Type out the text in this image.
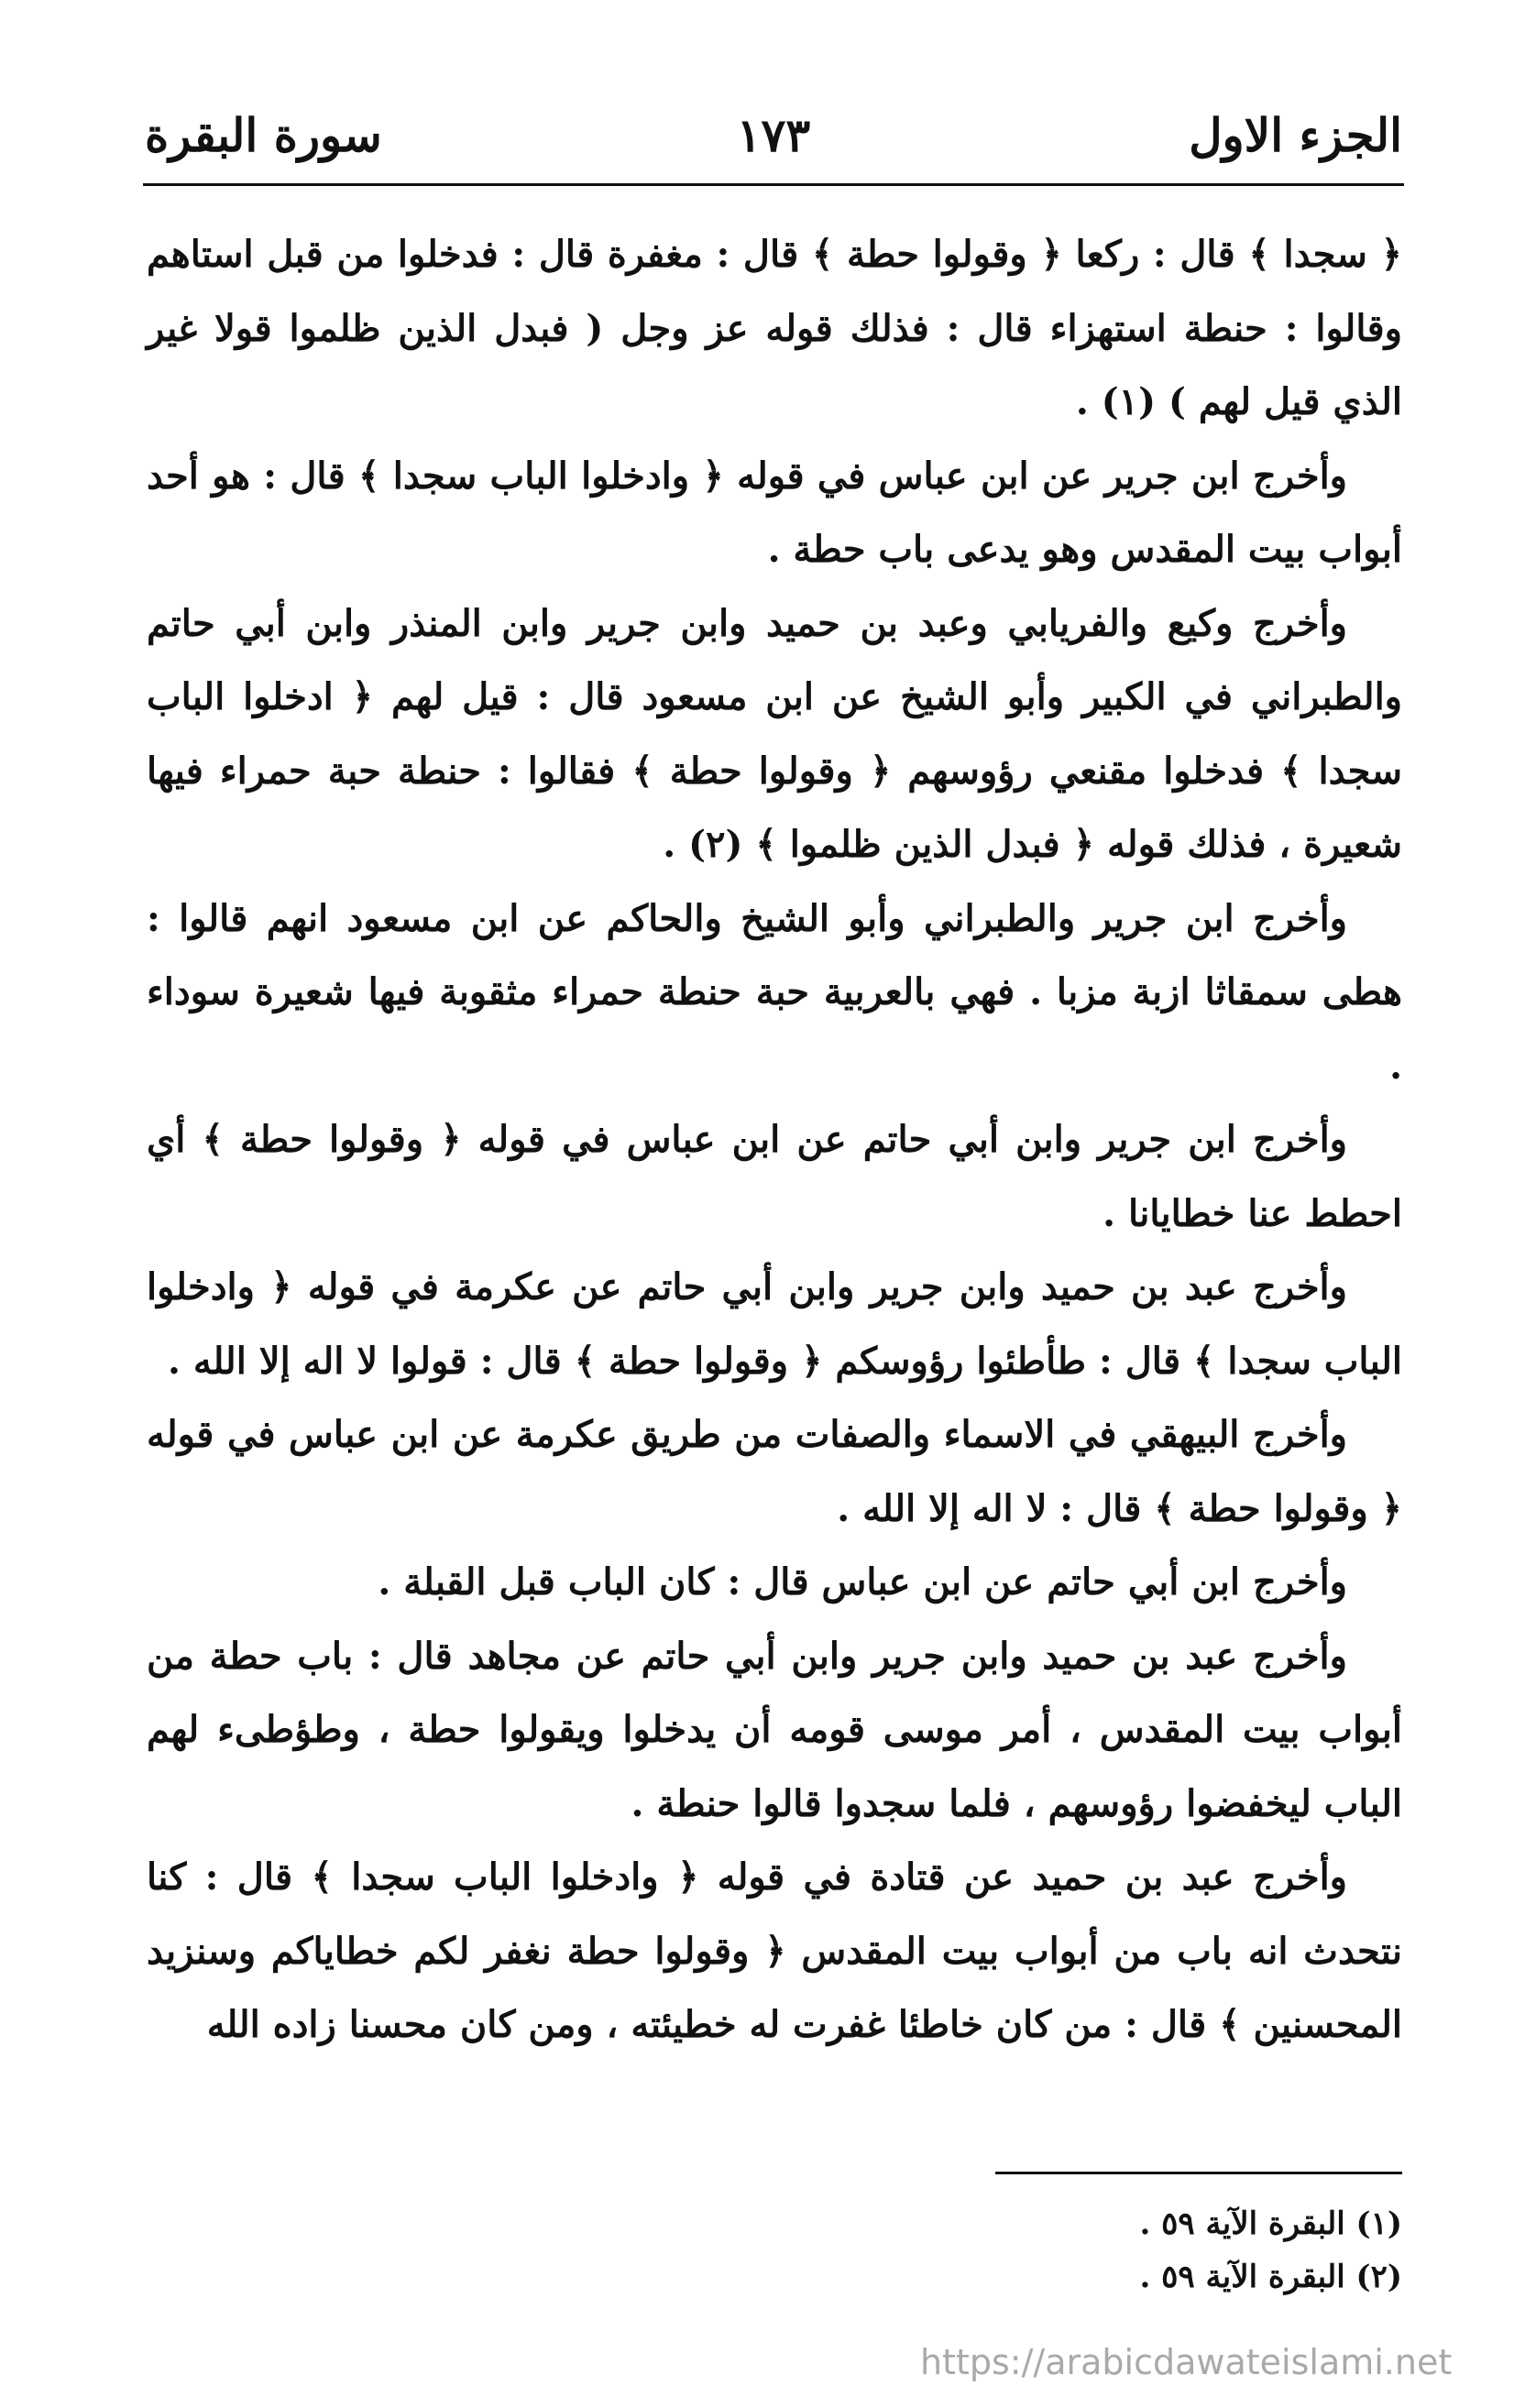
الجزء الاول
١٧٣
سورة البقرة

﴿ سجدا ﴾ قال : ركعا ﴿ وقولوا حطة ﴾ قال : مغفرة قال : فدخلوا من قبل استاهم وقالوا : حنطة استهزاء قال : فذلك قوله عز وجل ( فبدل الذين ظلموا قولا غير الذي قيل لهم ) (١) .

وأخرج ابن جرير عن ابن عباس في قوله ﴿ وادخلوا الباب سجدا ﴾ قال : هو أحد أبواب بيت المقدس وهو يدعى باب حطة .

وأخرج وكيع والفريابي وعبد بن حميد وابن جرير وابن المنذر وابن أبي حاتم والطبراني في الكبير وأبو الشيخ عن ابن مسعود قال : قيل لهم ﴿ ادخلوا الباب سجدا ﴾ فدخلوا مقنعي رؤوسهم ﴿ وقولوا حطة ﴾ فقالوا : حنطة حبة حمراء فيها شعيرة ، فذلك قوله ﴿ فبدل الذين ظلموا ﴾ (٢) .

وأخرج ابن جرير والطبراني وأبو الشيخ والحاكم عن ابن مسعود انهم قالوا : هطى سمقاثا ازبة مزبا . فهي بالعربية حبة حنطة حمراء مثقوبة فيها شعيرة سوداء .

وأخرج ابن جرير وابن أبي حاتم عن ابن عباس في قوله ﴿ وقولوا حطة ﴾ أي احطط عنا خطايانا .

وأخرج عبد بن حميد وابن جرير وابن أبي حاتم عن عكرمة في قوله ﴿ وادخلوا الباب سجدا ﴾ قال : طأطئوا رؤوسكم ﴿ وقولوا حطة ﴾ قال : قولوا لا اله إلا الله .

وأخرج البيهقي في الاسماء والصفات من طريق عكرمة عن ابن عباس في قوله ﴿ وقولوا حطة ﴾ قال : لا اله إلا الله .

وأخرج ابن أبي حاتم عن ابن عباس قال : كان الباب قبل القبلة .

وأخرج عبد بن حميد وابن جرير وابن أبي حاتم عن مجاهد قال : باب حطة من أبواب بيت المقدس ، أمر موسى قومه أن يدخلوا ويقولوا حطة ، وطؤطىء لهم الباب ليخفضوا رؤوسهم ، فلما سجدوا قالوا حنطة .

وأخرج عبد بن حميد عن قتادة في قوله ﴿ وادخلوا الباب سجدا ﴾ قال : كنا نتحدث انه باب من أبواب بيت المقدس ﴿ وقولوا حطة نغفر لكم خطاياكم وسنزيد المحسنين ﴾ قال : من كان خاطئا غفرت له خطيئته ، ومن كان محسنا زاده الله

(١) البقرة الآية ٥٩ .
(٢) البقرة الآية ٥٩ .
https://arabicdawateislami.net
